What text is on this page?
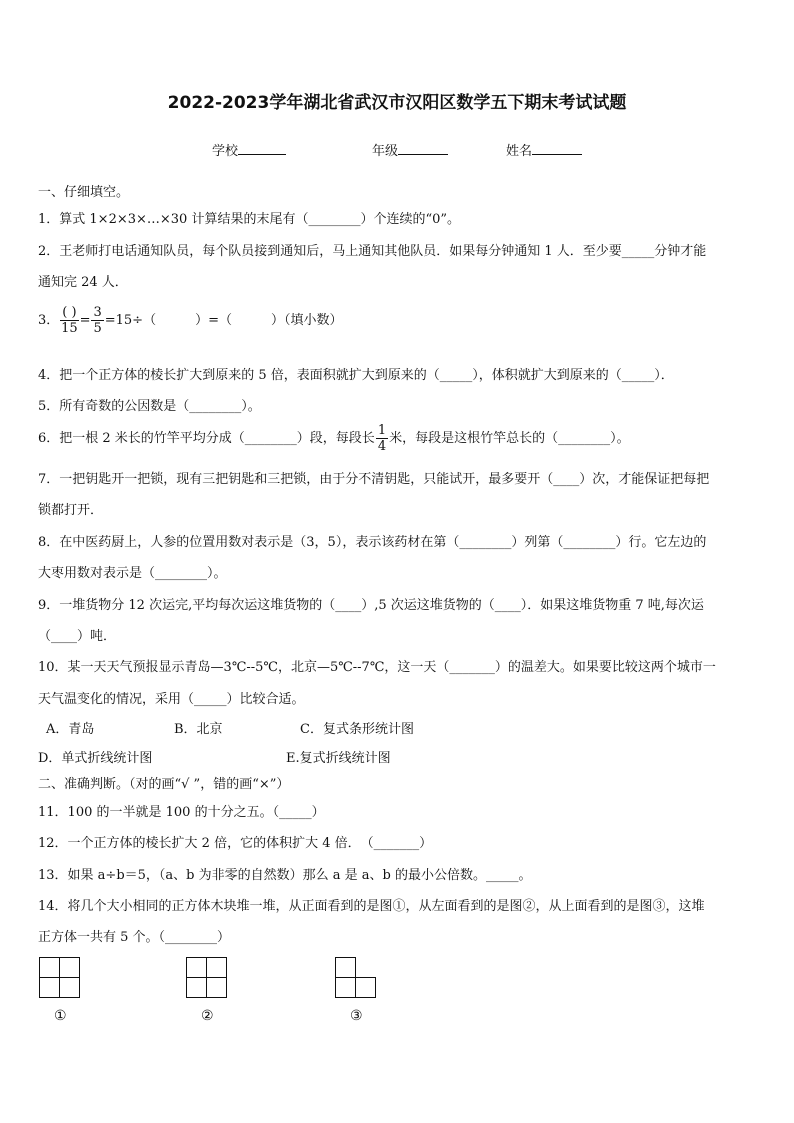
2022-2023学年湖北省武汉市汉阳区数学五下期末考试试题
学校	年级	姓名
一、仔细填空。
1．算式 1×2×3×…×30 计算结果的末尾有（________）个连续的“0”。
2．王老师打电话通知队员，每个队员接到通知后，马上通知其他队员．如果每分钟通知 1 人．至少要_____分钟才能
通知完 24 人．
3． $\frac{( )}{15} = \frac{3}{5} =15\div$（　　　）=（　　　）（填小数）
4．把一个正方体的棱长扩大到原来的 5 倍，表面积就扩大到原来的（_____），体积就扩大到原来的（_____）．
5．所有奇数的公因数是（________）。
6．把一根 2 米长的竹竿平均分成（________）段，每段长 $\frac{1}{4}$ 米，每段是这根竹竿总长的（________）。
7．一把钥匙开一把锁，现有三把钥匙和三把锁，由于分不清钥匙，只能试开，最多要开（____）次，才能保证把每把
锁都打开．
8．在中医药厨上，人参的位置用数对表示是（3，5），表示该药材在第（________）列第（________）行。它左边的
大枣用数对表示是（________）。
9．一堆货物分 12 次运完,平均每次运这堆货物的（____）,5 次运这堆货物的（____）．如果这堆货物重 7 吨,每次运
（____）吨．
10．某一天天气预报显示青岛—3℃--5℃，北京—5℃--7℃，这一天（_______）的温差大。如果要比较这两个城市一
天气温变化的情况，采用（_____）比较合适。
A．青岛	B．北京	C．复式条形统计图
D．单式折线统计图	E.复式折线统计图
二、准确判断。（对的画“√ ”，错的画“×”）
11．100 的一半就是 100 的十分之五。（_____）
12．一个正方体的棱长扩大 2 倍，它的体积扩大 4 倍．　（_______）
13．如果 a÷b＝5，（a、b 为非零的自然数）那么 a 是 a、b 的最小公倍数。_____。
14．将几个大小相同的正方体木块堆一堆，从正面看到的是图①，从左面看到的是图②，从上面看到的是图③，这堆
正方体一共有 5 个。（________）
①	②	③
